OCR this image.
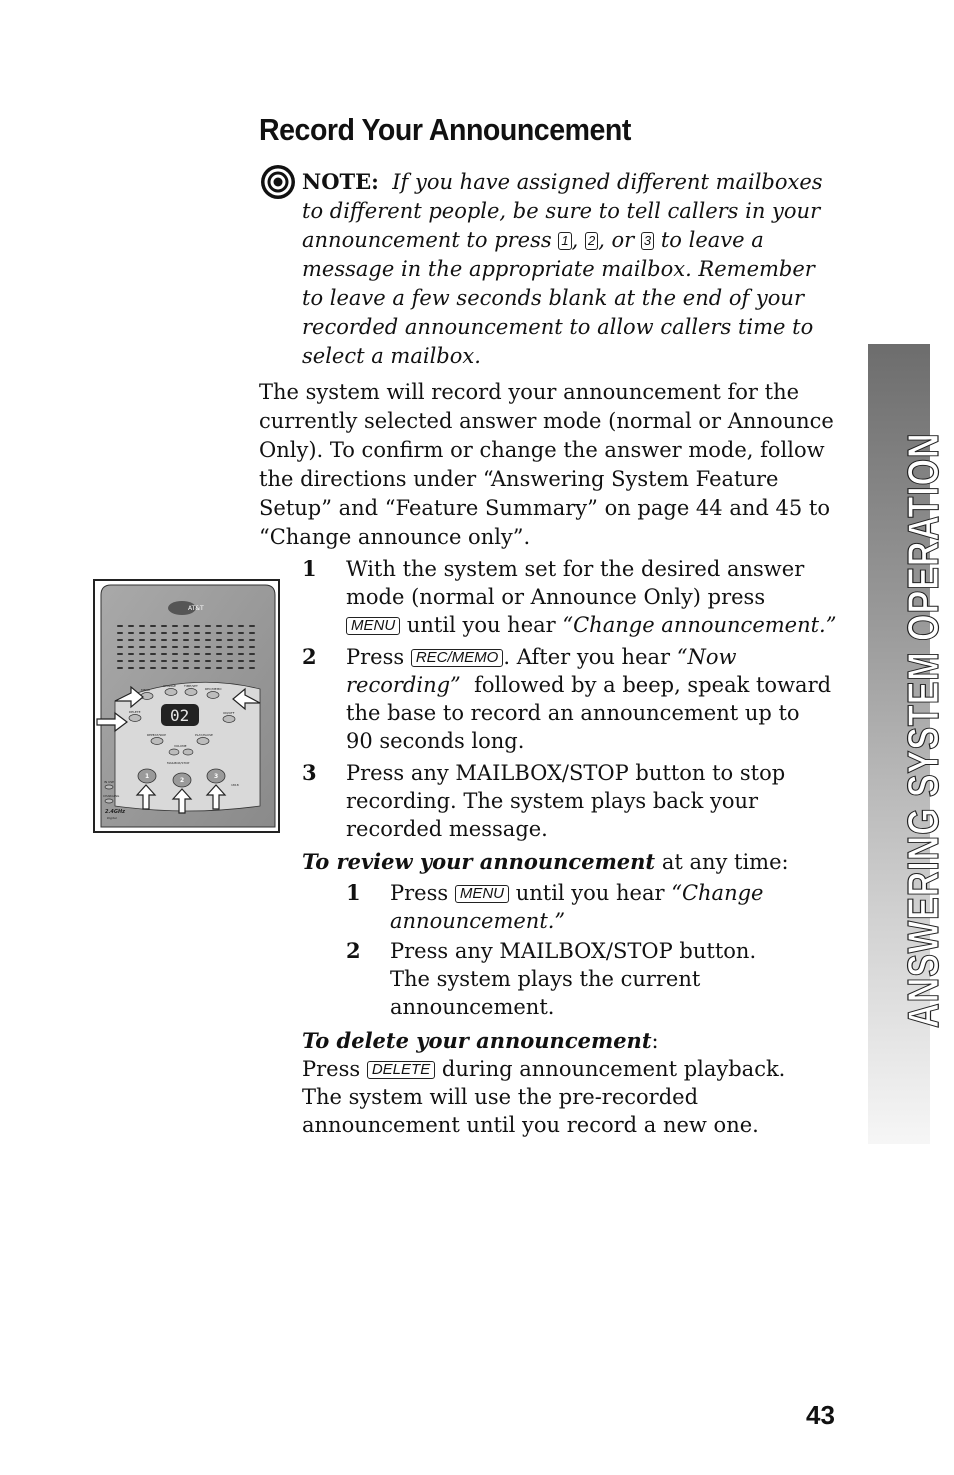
Record Your Announcement
NOTE: If you have assigned different mailboxes to different people, be sure to tell callers in your announcement to press 1 , 2 , or 3 to leave a message in the appropriate mailbox. Remember to leave a few seconds blank at the end of your recorded announcement to allow callers time to select a mailbox.
The system will record your announcement for the currently selected answer mode (normal or Announce Only). To confirm or change the answer mode, follow the directions under “Answering System Feature Setup” and “Feature Summary” on page 44 and 45 to “Change announce only”.
1 With the system set for the desired answer
mode (normal or Announce Only) press
MENU until you hear “Change announcement.”
2 Press REC/MEMO . After you hear “Now
recording” followed by a beep, speak toward
the base to record an announcement up to
90 seconds long.
3 Press any MAILBOX/STOP button to stop
recording. The system plays back your
recorded message.
To review your announcement at any time:
1 Press MENU until you hear “Change
announcement.”
2 Press any MAILBOX/STOP button.
The system plays the current
announcement.
To delete your announcement:
Press DELETE during announcement playback.
The system will use the pre-recorded
announcement until you record a new one.
AT&T
02
MENU
CHANGE	TIME/SET
REC/MEMO
DELETE	ON/OFF
REPEAT/SKIP	PLAY/PAUSE
VOLUME
MAILBOX/STOP
IN USE
CHARGING
1818
1
2
3
2.4GHz
Digital	ANSWERING SYSTEM OPERATION
43
